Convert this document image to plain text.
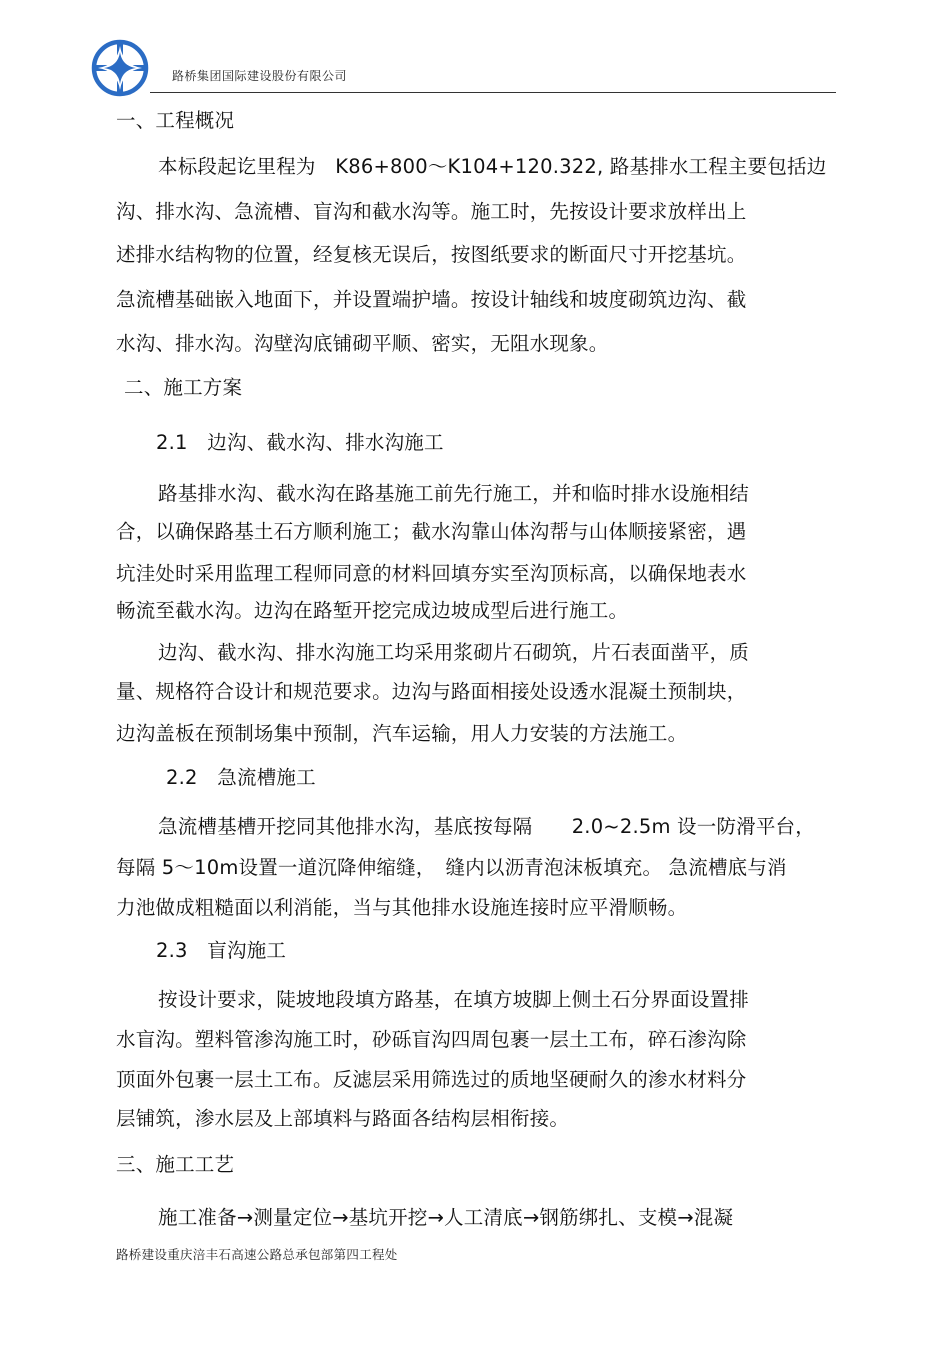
路桥集团国际建设股份有限公司
一、工程概况
本标段起讫里程为　K86+800～K104+120.322, 路基排水工程主要包括边
沟、排水沟、急流槽、盲沟和截水沟等。施工时，先按设计要求放样出上
述排水结构物的位置，经复核无误后，按图纸要求的断面尺寸开挖基坑。
急流槽基础嵌入地面下，并设置端护墙。按设计轴线和坡度砌筑边沟、截
水沟、排水沟。沟壁沟底铺砌平顺、密实，无阻水现象。
二、施工方案
2.1　边沟、截水沟、排水沟施工
路基排水沟、截水沟在路基施工前先行施工，并和临时排水设施相结
合，以确保路基土石方顺利施工；截水沟靠山体沟帮与山体顺接紧密，遇
坑洼处时采用监理工程师同意的材料回填夯实至沟顶标高，以确保地表水
畅流至截水沟。边沟在路堑开挖完成边坡成型后进行施工。
边沟、截水沟、排水沟施工均采用浆砌片石砌筑，片石表面凿平，质
量、规格符合设计和规范要求。边沟与路面相接处设透水混凝土预制块，
边沟盖板在预制场集中预制，汽车运输，用人力安装的方法施工。
2.2　急流槽施工
急流槽基槽开挖同其他排水沟，基底按每隔　　2.0~2.5m 设一防滑平台，
每隔 5～10m设置一道沉降伸缩缝，　缝内以沥青泡沫板填充。 急流槽底与消
力池做成粗糙面以利消能，当与其他排水设施连接时应平滑顺畅。
2.3　盲沟施工
按设计要求，陡坡地段填方路基，在填方坡脚上侧土石分界面设置排
水盲沟。塑料管渗沟施工时，砂砾盲沟四周包裹一层土工布，碎石渗沟除
顶面外包裹一层土工布。反滤层采用筛选过的质地坚硬耐久的渗水材料分
层铺筑，渗水层及上部填料与路面各结构层相衔接。
三、施工工艺
施工准备→测量定位→基坑开挖→人工清底→钢筋绑扎、支模→混凝
路桥建设重庆涪丰石高速公路总承包部第四工程处
